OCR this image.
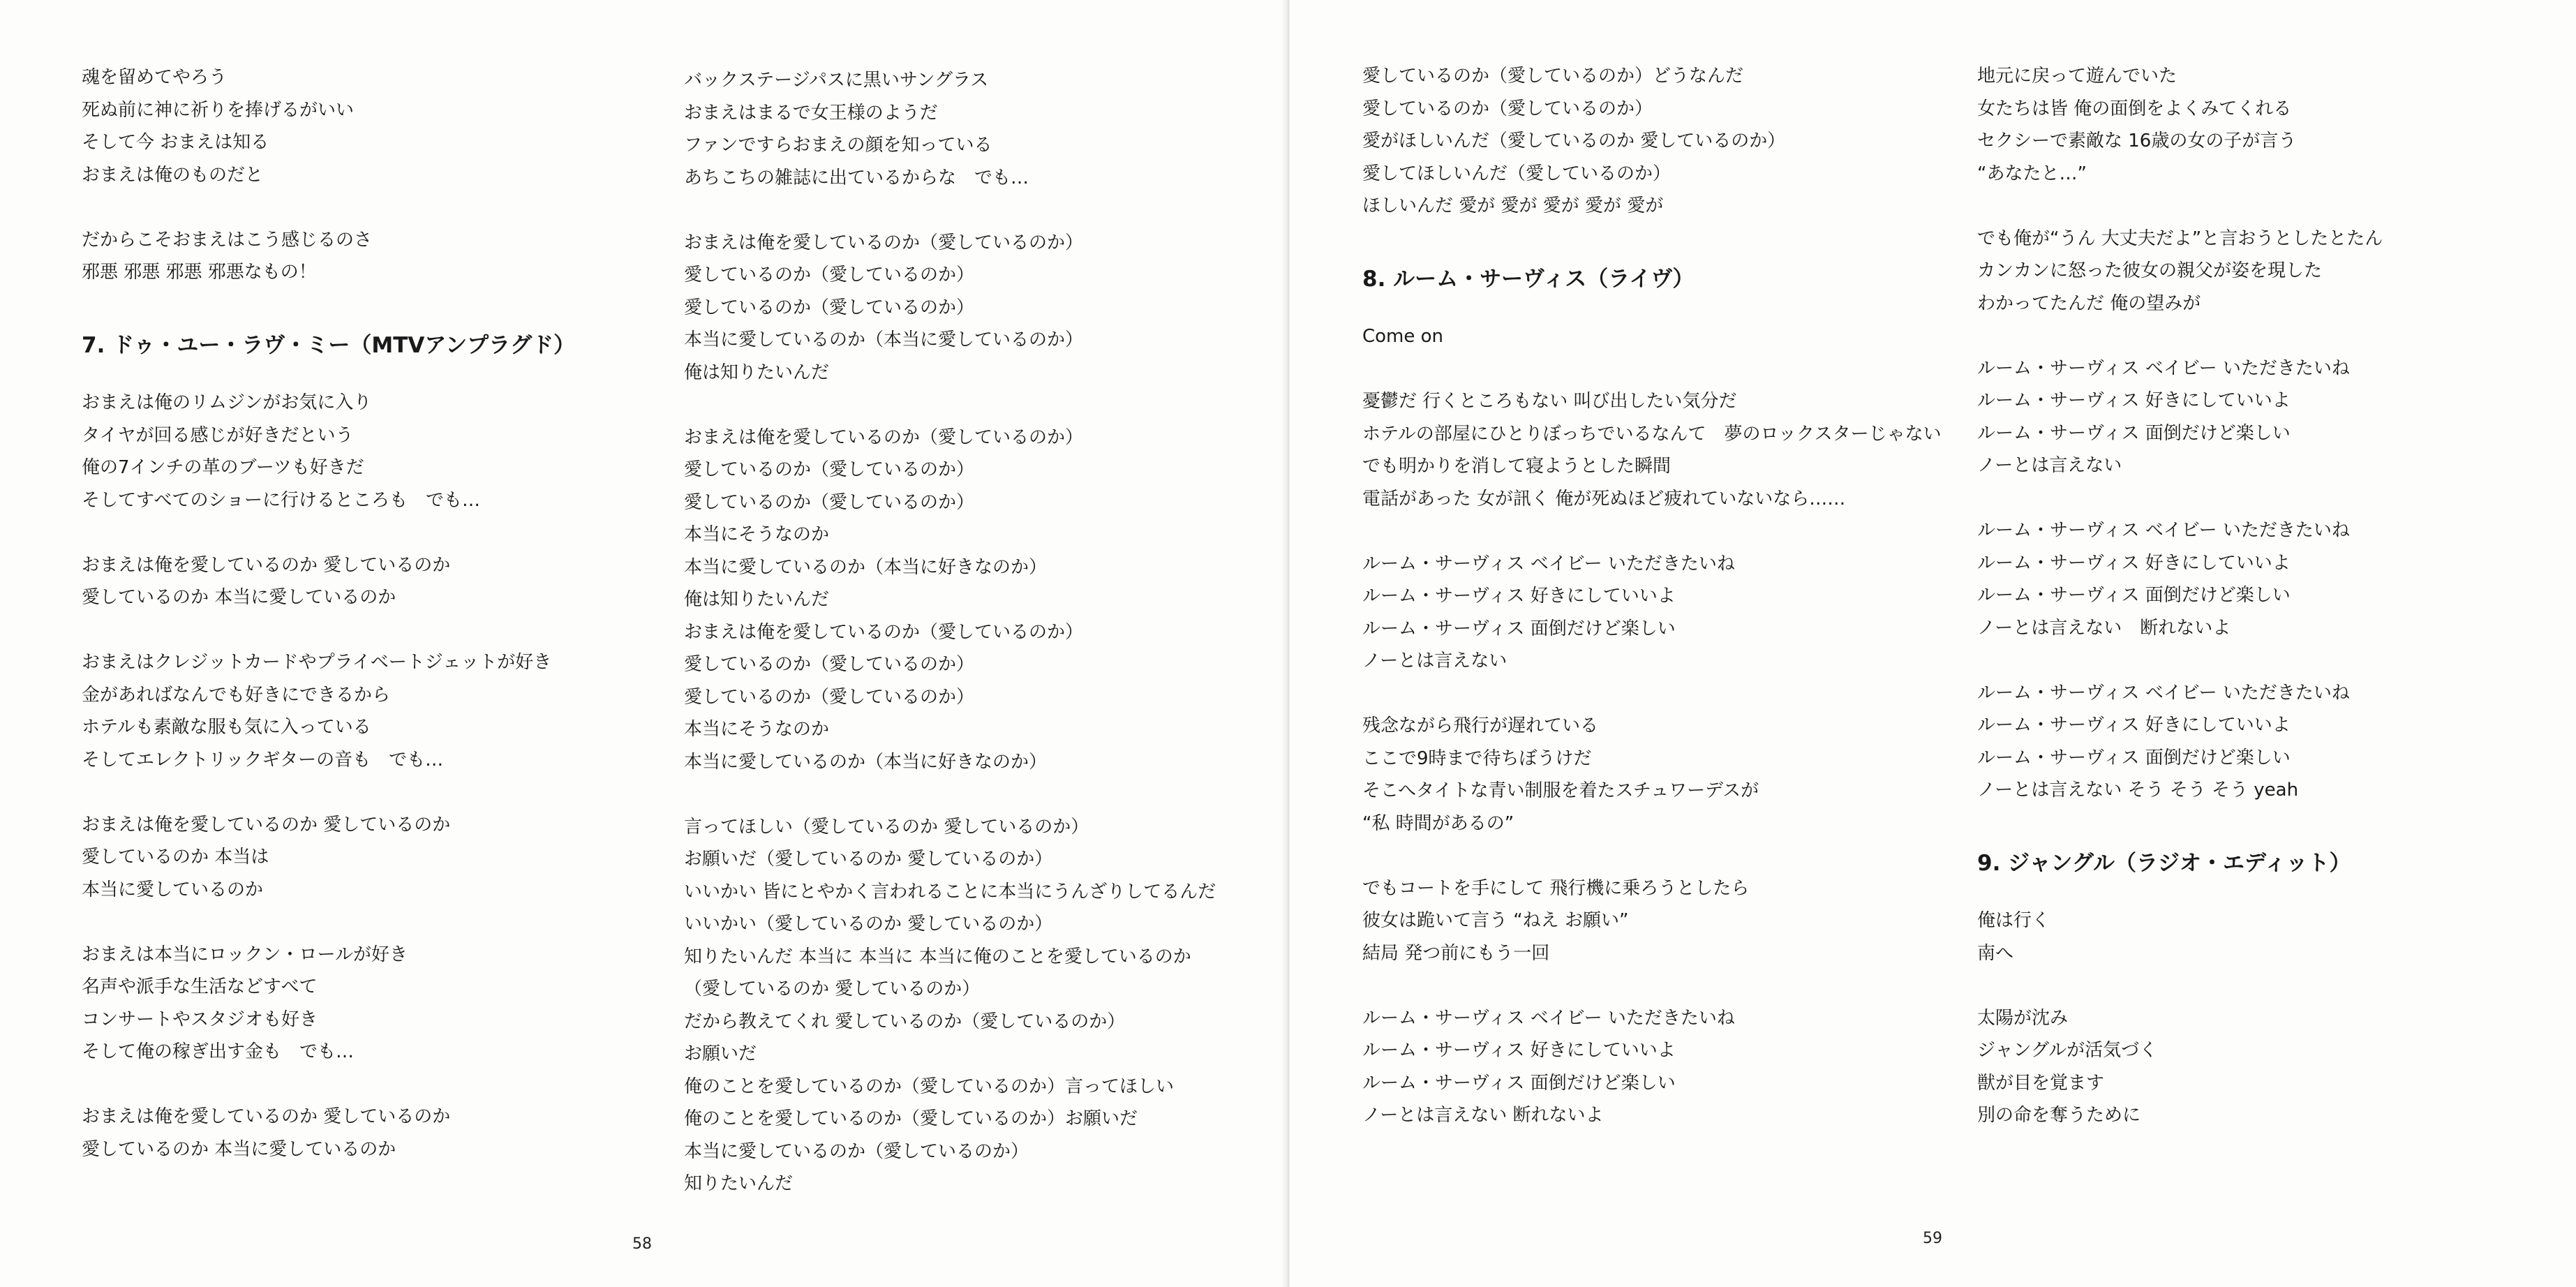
魂を留めてやろう

死ぬ前に神に祈りを捧げるがいい

そして今 おまえは知る

おまえは俺のものだと

だからこそおまえはこう感じるのさ

邪悪 邪悪 邪悪 邪悪なもの！

7. ドゥ・ユー・ラヴ・ミー（MTVアンプラグド）

おまえは俺のリムジンがお気に入り

タイヤが回る感じが好きだという

俺の7インチの革のブーツも好きだ

そしてすべてのショーに行けるところも　でも…

おまえは俺を愛しているのか 愛しているのか

愛しているのか 本当に愛しているのか

おまえはクレジットカードやプライベートジェットが好き

金があればなんでも好きにできるから

ホテルも素敵な服も気に入っている

そしてエレクトリックギターの音も　でも…

おまえは俺を愛しているのか 愛しているのか

愛しているのか 本当は

本当に愛しているのか

おまえは本当にロックン・ロールが好き

名声や派手な生活などすべて

コンサートやスタジオも好き

そして俺の稼ぎ出す金も　でも…

おまえは俺を愛しているのか 愛しているのか

愛しているのか 本当に愛しているのか

バックステージパスに黒いサングラス

おまえはまるで女王様のようだ

ファンですらおまえの顔を知っている

あちこちの雑誌に出ているからな　でも…

おまえは俺を愛しているのか（愛しているのか）

愛しているのか（愛しているのか）

愛しているのか（愛しているのか）

本当に愛しているのか（本当に愛しているのか）

俺は知りたいんだ

おまえは俺を愛しているのか（愛しているのか）

愛しているのか（愛しているのか）

愛しているのか（愛しているのか）

本当にそうなのか

本当に愛しているのか（本当に好きなのか）

俺は知りたいんだ

おまえは俺を愛しているのか（愛しているのか）

愛しているのか（愛しているのか）

愛しているのか（愛しているのか）

本当にそうなのか

本当に愛しているのか（本当に好きなのか）

言ってほしい（愛しているのか 愛しているのか）

お願いだ（愛しているのか 愛しているのか）

いいかい 皆にとやかく言われることに本当にうんざりしてるんだ

いいかい（愛しているのか 愛しているのか）

知りたいんだ 本当に 本当に 本当に俺のことを愛しているのか

（愛しているのか 愛しているのか）

だから教えてくれ 愛しているのか（愛しているのか）

お願いだ

俺のことを愛しているのか（愛しているのか）言ってほしい

俺のことを愛しているのか（愛しているのか）お願いだ

本当に愛しているのか（愛しているのか）

知りたいんだ

58

愛しているのか（愛しているのか）どうなんだ

愛しているのか（愛しているのか）

愛がほしいんだ（愛しているのか 愛しているのか）

愛してほしいんだ（愛しているのか）

ほしいんだ 愛が 愛が 愛が 愛が 愛が

8. ルーム・サーヴィス（ライヴ）

Come on

憂鬱だ 行くところもない 叫び出したい気分だ

ホテルの部屋にひとりぼっちでいるなんて　夢のロックスターじゃない

でも明かりを消して寝ようとした瞬間

電話があった 女が訊く 俺が死ぬほど疲れていないなら……

ルーム・サーヴィス ベイビー いただきたいね

ルーム・サーヴィス 好きにしていいよ

ルーム・サーヴィス 面倒だけど楽しい

ノーとは言えない

残念ながら飛行が遅れている

ここで9時まで待ちぼうけだ

そこへタイトな青い制服を着たスチュワーデスが

“私 時間があるの”

でもコートを手にして 飛行機に乗ろうとしたら

彼女は跪いて言う “ねえ お願い”

結局 発つ前にもう一回

ルーム・サーヴィス ベイビー いただきたいね

ルーム・サーヴィス 好きにしていいよ

ルーム・サーヴィス 面倒だけど楽しい

ノーとは言えない 断れないよ

地元に戻って遊んでいた

女たちは皆 俺の面倒をよくみてくれる

セクシーで素敵な 16歳の女の子が言う

“あなたと…”

でも俺が“うん 大丈夫だよ”と言おうとしたとたん

カンカンに怒った彼女の親父が姿を現した

わかってたんだ 俺の望みが

ルーム・サーヴィス ベイビー いただきたいね

ルーム・サーヴィス 好きにしていいよ

ルーム・サーヴィス 面倒だけど楽しい

ノーとは言えない

ルーム・サーヴィス ベイビー いただきたいね

ルーム・サーヴィス 好きにしていいよ

ルーム・サーヴィス 面倒だけど楽しい

ノーとは言えない　断れないよ

ルーム・サーヴィス ベイビー いただきたいね

ルーム・サーヴィス 好きにしていいよ

ルーム・サーヴィス 面倒だけど楽しい

ノーとは言えない そう そう そう yeah

9. ジャングル（ラジオ・エディット）

俺は行く

南へ

太陽が沈み

ジャングルが活気づく

獣が目を覚ます

別の命を奪うために

59
